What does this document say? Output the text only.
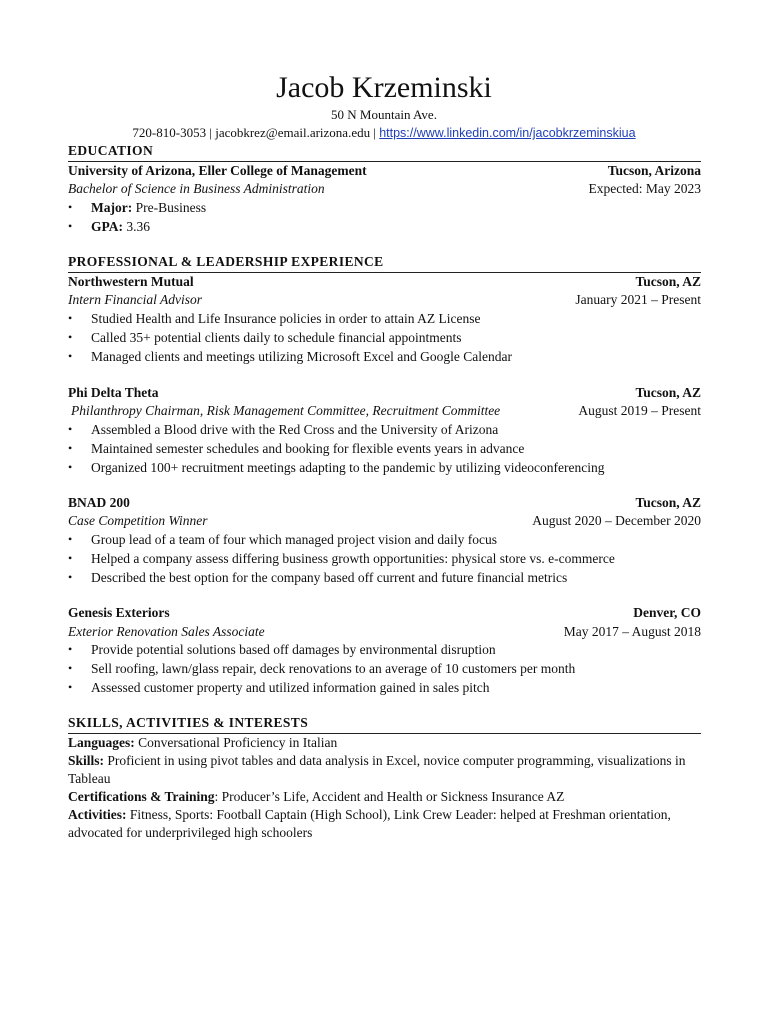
Jacob Krzeminski
50 N Mountain Ave.
720-810-3053 | jacobkrez@email.arizona.edu | https://www.linkedin.com/in/jacobkrzeminskiua
EDUCATION
University of Arizona, Eller College of Management	Tucson, Arizona
Bachelor of Science in Business Administration	Expected: May 2023
• Major: Pre-Business
• GPA: 3.36
PROFESSIONAL & LEADERSHIP EXPERIENCE
Northwestern Mutual	Tucson, AZ
Intern Financial Advisor	January 2021 – Present
• Studied Health and Life Insurance policies in order to attain AZ License
• Called 35+ potential clients daily to schedule financial appointments
• Managed clients and meetings utilizing Microsoft Excel and Google Calendar
Phi Delta Theta	Tucson, AZ
Philanthropy Chairman, Risk Management Committee, Recruitment Committee	August 2019 – Present
• Assembled a Blood drive with the Red Cross and the University of Arizona
• Maintained semester schedules and booking for flexible events years in advance
• Organized 100+ recruitment meetings adapting to the pandemic by utilizing videoconferencing
BNAD 200	Tucson, AZ
Case Competition Winner	August 2020 – December 2020
• Group lead of a team of four which managed project vision and daily focus
• Helped a company assess differing business growth opportunities: physical store vs. e-commerce
• Described the best option for the company based off current and future financial metrics
Genesis Exteriors	Denver, CO
Exterior Renovation Sales Associate	May 2017 – August 2018
• Provide potential solutions based off damages by environmental disruption
• Sell roofing, lawn/glass repair, deck renovations to an average of 10 customers per month
• Assessed customer property and utilized information gained in sales pitch
SKILLS, ACTIVITIES & INTERESTS
Languages: Conversational Proficiency in Italian
Skills: Proficient in using pivot tables and data analysis in Excel, novice computer programming, visualizations in Tableau
Certifications & Training: Producer’s Life, Accident and Health or Sickness Insurance AZ
Activities: Fitness, Sports: Football Captain (High School), Link Crew Leader: helped at Freshman orientation, advocated for underprivileged high schoolers
